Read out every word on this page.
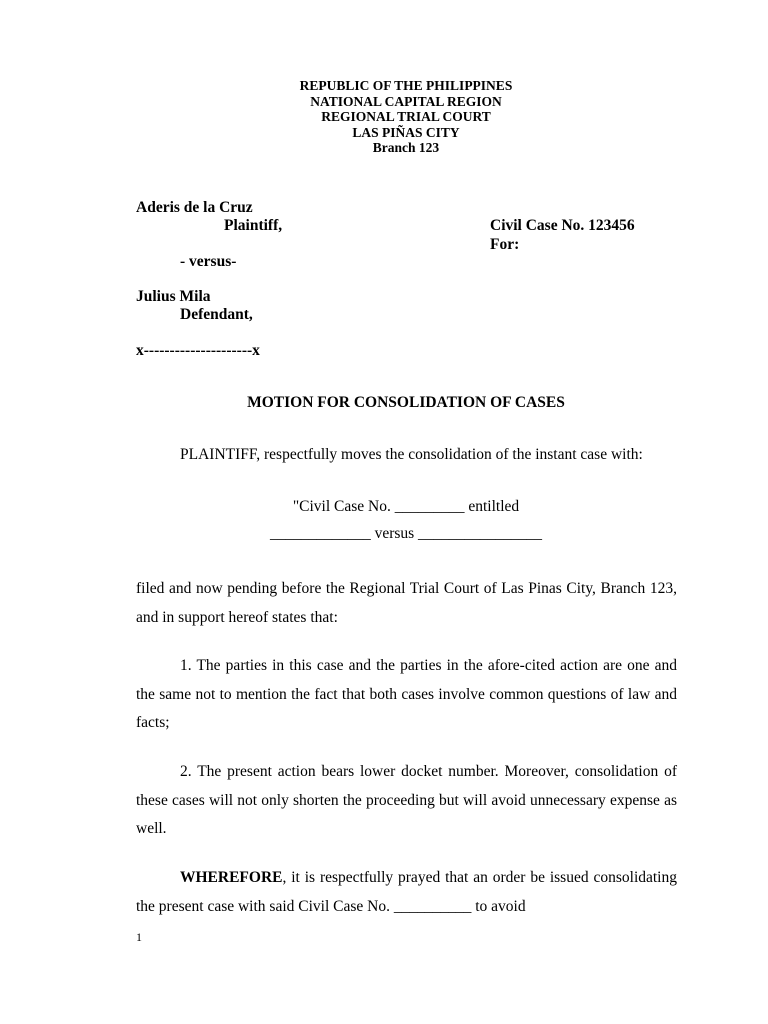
REPUBLIC OF THE PHILIPPINES
NATIONAL CAPITAL REGION
REGIONAL TRIAL COURT
LAS PIÑAS CITY
Branch 123
Aderis de la Cruz
Plaintiff,	Civil Case No. 123456
For:
- versus-
Julius Mila
Defendant,
x---------------------x
MOTION FOR CONSOLIDATION OF CASES
PLAINTIFF, respectfully moves the consolidation of the instant case with:
"Civil Case No. _________ entiltled
_____________ versus ________________
filed and now pending before the Regional Trial Court of Las Pinas City, Branch 123, and in support hereof states that:
1. The parties in this case and the parties in the afore-cited action are one and the same not to mention the fact that both cases involve common questions of law and facts;
2. The present action bears lower docket number. Moreover, consolidation of these cases will not only shorten the proceeding but will avoid unnecessary expense as well.
WHEREFORE, it is respectfully prayed that an order be issued consolidating the present case with said Civil Case No. __________ to avoid
1
